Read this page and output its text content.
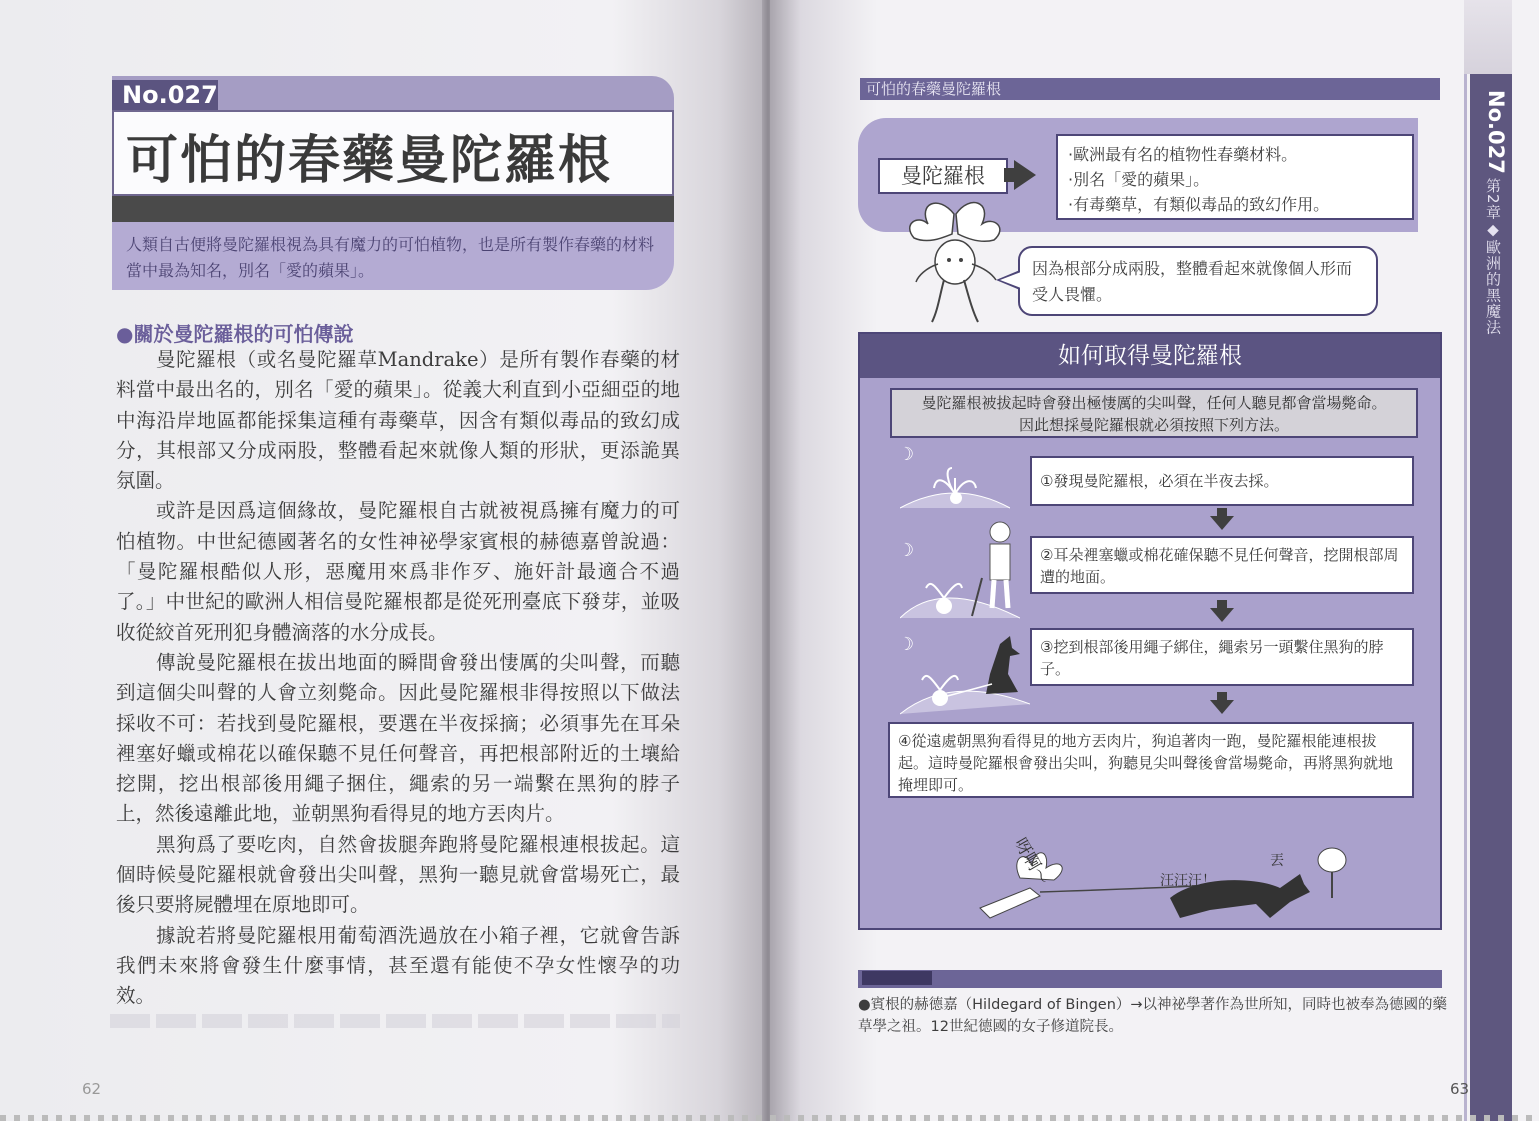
No.027
可怕的春藥曼陀羅根
人類自古便將曼陀羅根視為具有魔力的可怕植物，也是所有製作春藥的材料當中最為知名，別名「愛的蘋果」。
●關於曼陀羅根的可怕傳說

曼陀羅根（或名曼陀羅草Mandrake）是所有製作春藥的材料當中最出名的，別名「愛的蘋果」。從義大利直到小亞細亞的地中海沿岸地區都能採集這種有毒藥草，因含有類似毒品的致幻成分，其根部又分成兩股，整體看起來就像人類的形狀，更添詭異氛圍。

或許是因爲這個緣故，曼陀羅根自古就被視爲擁有魔力的可怕植物。中世紀德國著名的女性神祕學家賓根的赫德嘉曾說過：「曼陀羅根酷似人形，惡魔用來爲非作歹、施奸計最適合不過了。」中世紀的歐洲人相信曼陀羅根都是從死刑臺底下發芽，並吸收從絞首死刑犯身體滴落的水分成長。

傳說曼陀羅根在拔出地面的瞬間會發出悽厲的尖叫聲，而聽到這個尖叫聲的人會立刻斃命。因此曼陀羅根非得按照以下做法採收不可：若找到曼陀羅根，要選在半夜採摘；必須事先在耳朵裡塞好蠟或棉花以確保聽不見任何聲音，再把根部附近的土壤給挖開，挖出根部後用繩子捆住，繩索的另一端繫在黑狗的脖子上，然後遠離此地，並朝黑狗看得見的地方丟肉片。

黑狗爲了要吃肉，自然會拔腿奔跑將曼陀羅根連根拔起。這個時候曼陀羅根就會發出尖叫聲，黑狗一聽見就會當場死亡，最後只要將屍體埋在原地即可。

據說若將曼陀羅根用葡萄酒洗過放在小箱子裡，它就會告訴我們未來將會發生什麼事情，甚至還有能使不孕女性懷孕的功效。

62
可怕的春藥曼陀羅根
No.027
第2章◆歐洲的黑魔法
曼陀羅根
·歐洲最有名的植物性春藥材料。
·別名「愛的蘋果」。
·有毒藥草，有類似毒品的致幻作用。
因為根部分成兩股，整體看起來就像個人形而受人畏懼。
如何取得曼陀羅根
曼陀羅根被拔起時會發出極悽厲的尖叫聲，任何人聽見都會當場斃命。
因此想採曼陀羅根就必須按照下列方法。
☽
①發現曼陀羅根，必須在半夜去採。
☽	②耳朵裡塞蠟或棉花確保聽不見任何聲音，挖開根部周遭的地面。
☽	③挖到根部後用繩子綁住，繩索另一頭繫住黑狗的脖子。
④從遠處朝黑狗看得見的地方丟肉片，狗追著肉一跑，曼陀羅根能連根拔起。這時曼陀羅根會發出尖叫，狗聽見尖叫聲後會當場斃命，再將黑狗就地掩埋即可。
呀啊～	汪汪汪！
丟
●賓根的赫德嘉（Hildegard of Bingen）→以神祕學著作為世所知，同時也被奉為德國的藥草學之祖。12世紀德國的女子修道院長。
63
